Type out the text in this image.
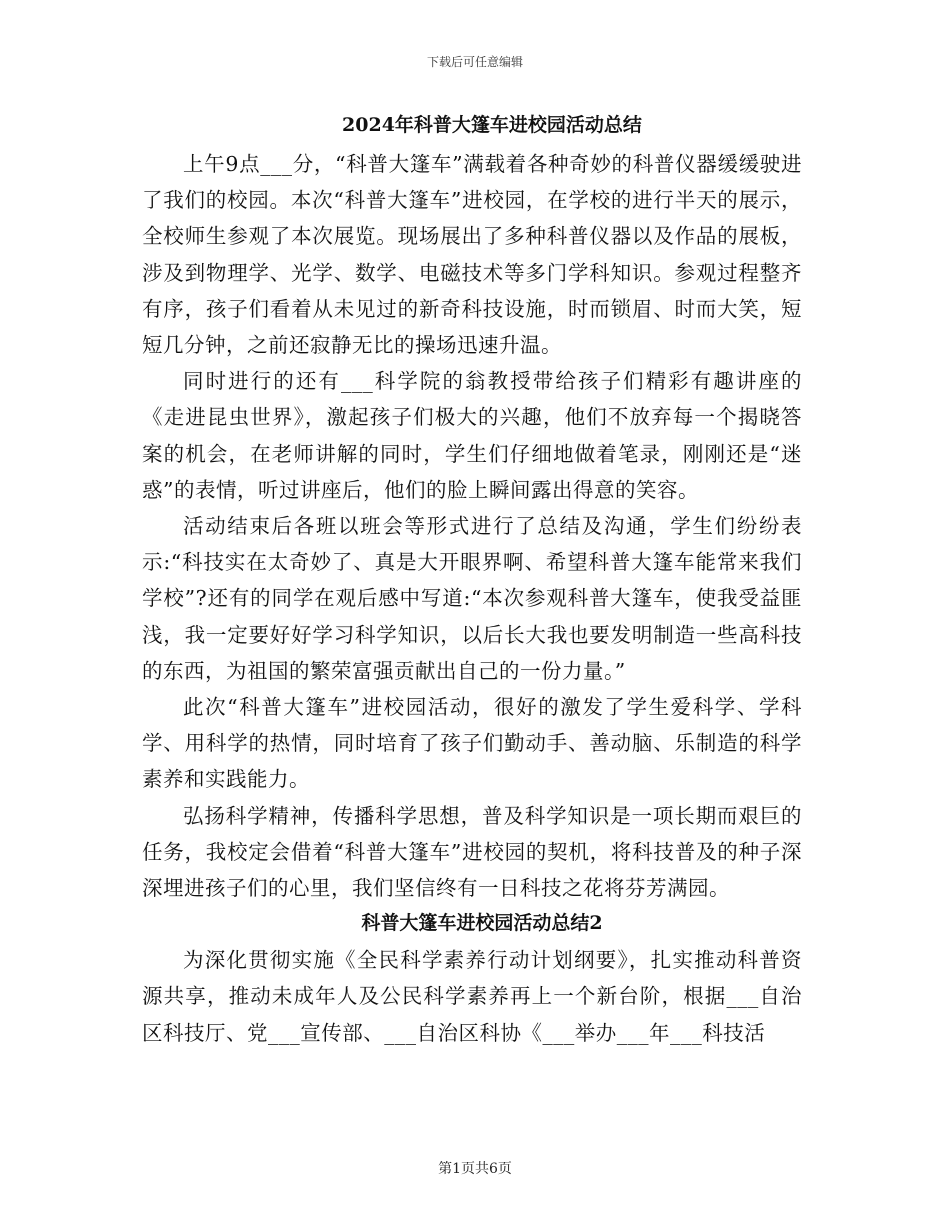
下载后可任意编辑
2024年科普大篷车进校园活动总结

上午9点___分，“科普大篷车”满载着各种奇妙的科普仪器缓缓驶进了我们的校园。本次“科普大篷车”进校园，在学校的进行半天的展示，全校师生参观了本次展览。现场展出了多种科普仪器以及作品的展板，涉及到物理学、光学、数学、电磁技术等多门学科知识。参观过程整齐有序，孩子们看着从未见过的新奇科技设施，时而锁眉、时而大笑，短短几分钟，之前还寂静无比的操场迅速升温。

同时进行的还有___科学院的翁教授带给孩子们精彩有趣讲座的《走进昆虫世界》，激起孩子们极大的兴趣，他们不放弃每一个揭晓答案的机会，在老师讲解的同时，学生们仔细地做着笔录，刚刚还是“迷惑”的表情，听过讲座后，他们的脸上瞬间露出得意的笑容。

活动结束后各班以班会等形式进行了总结及沟通，学生们纷纷表示:“科技实在太奇妙了、真是大开眼界啊、希望科普大篷车能常来我们学校”?还有的同学在观后感中写道:“本次参观科普大篷车，使我受益匪浅，我一定要好好学习科学知识，以后长大我也要发明制造一些高科技的东西，为祖国的繁荣富强贡献出自己的一份力量。”

此次“科普大篷车”进校园活动，很好的激发了学生爱科学、学科学、用科学的热情，同时培育了孩子们勤动手、善动脑、乐制造的科学素养和实践能力。

弘扬科学精神，传播科学思想，普及科学知识是一项长期而艰巨的任务，我校定会借着“科普大篷车”进校园的契机，将科技普及的种子深深埋进孩子们的心里，我们坚信终有一日科技之花将芬芳满园。

科普大篷车进校园活动总结2

为深化贯彻实施《全民科学素养行动计划纲要》，扎实推动科普资源共享，推动未成年人及公民科学素养再上一个新台阶，根据___自治区科技厅、党___宣传部、___自治区科协《___举办___年___科技活

第1页共6页
